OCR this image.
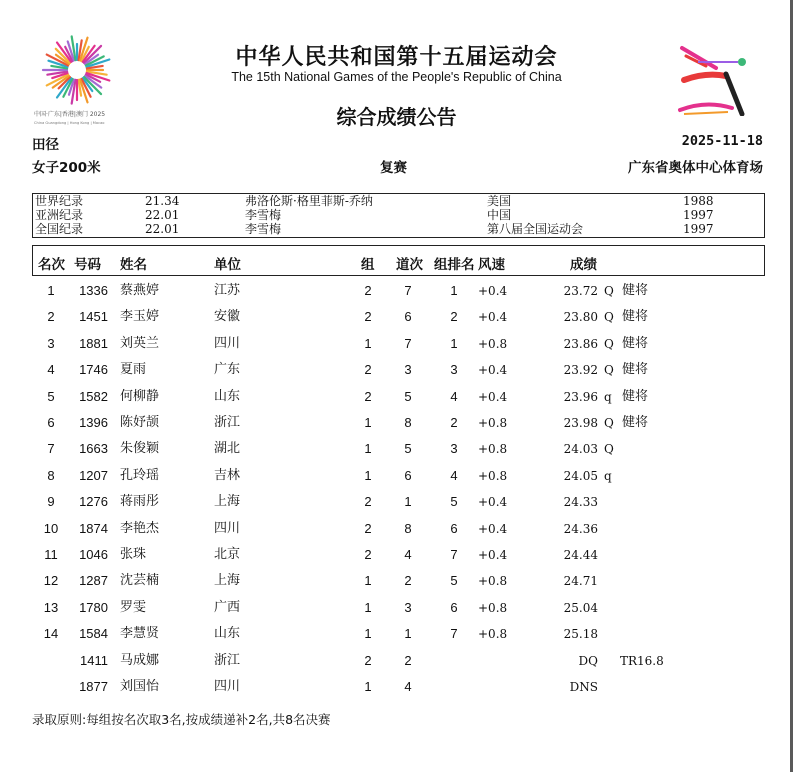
中国·广东|香港|澳门 2025
China Guangdong | Hong Kong | Macao
中华人民共和国第十五届运动会
The 15th National Games of the People's Republic of China
综合成绩公告
田径	2025-11-18
女子200米	复赛	广东省奥体中心体育场
世界纪录	21.34	弗洛伦斯·格里菲斯-乔纳	美国	1988
亚洲纪录	22.01	李雪梅	中国	1997
全国纪录	22.01	李雪梅	第八届全国运动会	1997
名次 号码 姓名	单位	组 道次 组排名 风速	成绩
1	1336 蔡燕婷	江苏	2	7	1	+0.4	23.72 Q 健将
2	1451 李玉婷	安徽	2	6	2	+0.4	23.80 Q 健将
3	1881 刘英兰	四川	1	7	1	+0.8	23.86 Q 健将
4	1746 夏雨	广东	2	3	3	+0.4	23.92 Q 健将
5	1582 何柳静	山东	2	5	4	+0.4	23.96 q 健将
6	1396 陈妤颉	浙江	1	8	2	+0.8	23.98 Q 健将
7	1663 朱俊颖	湖北	1	5	3	+0.8	24.03 Q
8	1207 孔玲瑶	吉林	1	6	4	+0.8	24.05 q
9	1276 蒋雨彤	上海	2	1	5	+0.4	24.33
10	1874 李艳杰	四川	2	8	6	+0.4	24.36
11	1046 张珠	北京	2	4	7	+0.4	24.44
12	1287 沈芸楠	上海	1	2	5	+0.8	24.71
13	1780 罗雯	广西	1	3	6	+0.8	25.04
14	1584 李慧贤	山东	1	1	7	+0.8	25.18
1411 马成娜	浙江	2	2	DQ TR16.8
1877 刘国怡	四川	1	4	DNS
录取原则:每组按名次取3名,按成绩递补2名,共8名决赛
